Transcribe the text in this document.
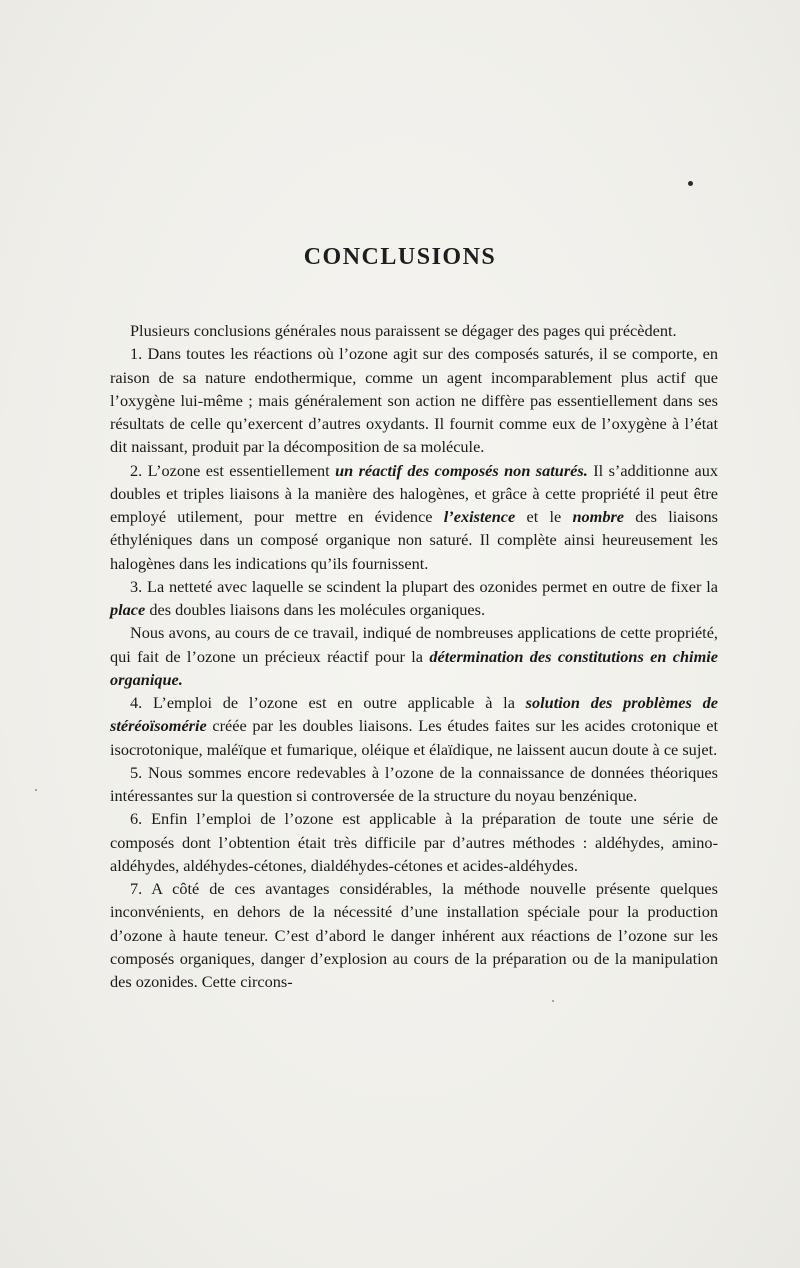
CONCLUSIONS

Plusieurs conclusions générales nous paraissent se dégager des pages qui précèdent.

1. Dans toutes les réactions où l’ozone agit sur des composés saturés, il se comporte, en raison de sa nature endothermique, comme un agent incomparablement plus actif que l’oxygène lui-même ; mais généralement son action ne diffère pas essentiellement dans ses résultats de celle qu’exercent d’autres oxydants. Il fournit comme eux de l’oxygène à l’état dit naissant, produit par la décomposition de sa molécule.

2. L’ozone est essentiellement un réactif des composés non saturés. Il s’additionne aux doubles et triples liaisons à la manière des halogènes, et grâce à cette propriété il peut être employé utilement, pour mettre en évidence l’existence et le nombre des liaisons éthyléniques dans un composé organique non saturé. Il complète ainsi heureusement les halogènes dans les indications qu’ils fournissent.

3. La netteté avec laquelle se scindent la plupart des ozonides permet en outre de fixer la place des doubles liaisons dans les molécules organiques.

Nous avons, au cours de ce travail, indiqué de nombreuses applications de cette propriété, qui fait de l’ozone un précieux réactif pour la détermination des constitutions en chimie organique.

4. L’emploi de l’ozone est en outre applicable à la solution des problèmes de stéréoïsomérie créée par les doubles liaisons. Les études faites sur les acides crotonique et isocrotonique, maléïque et fumarique, oléique et élaïdique, ne laissent aucun doute à ce sujet.

5. Nous sommes encore redevables à l’ozone de la connaissance de données théoriques intéressantes sur la question si controversée de la structure du noyau benzénique.

6. Enfin l’emploi de l’ozone est applicable à la préparation de toute une série de composés dont l’obtention était très difficile par d’autres méthodes : aldéhydes, amino-aldéhydes, aldéhydes-cétones, dialdéhydes-cétones et acides-aldéhydes.

7. A côté de ces avantages considérables, la méthode nouvelle présente quelques inconvénients, en dehors de la nécessité d’une installation spéciale pour la production d’ozone à haute teneur. C’est d’abord le danger inhérent aux réactions de l’ozone sur les composés organiques, danger d’explosion au cours de la préparation ou de la manipulation des ozonides. Cette circons-
